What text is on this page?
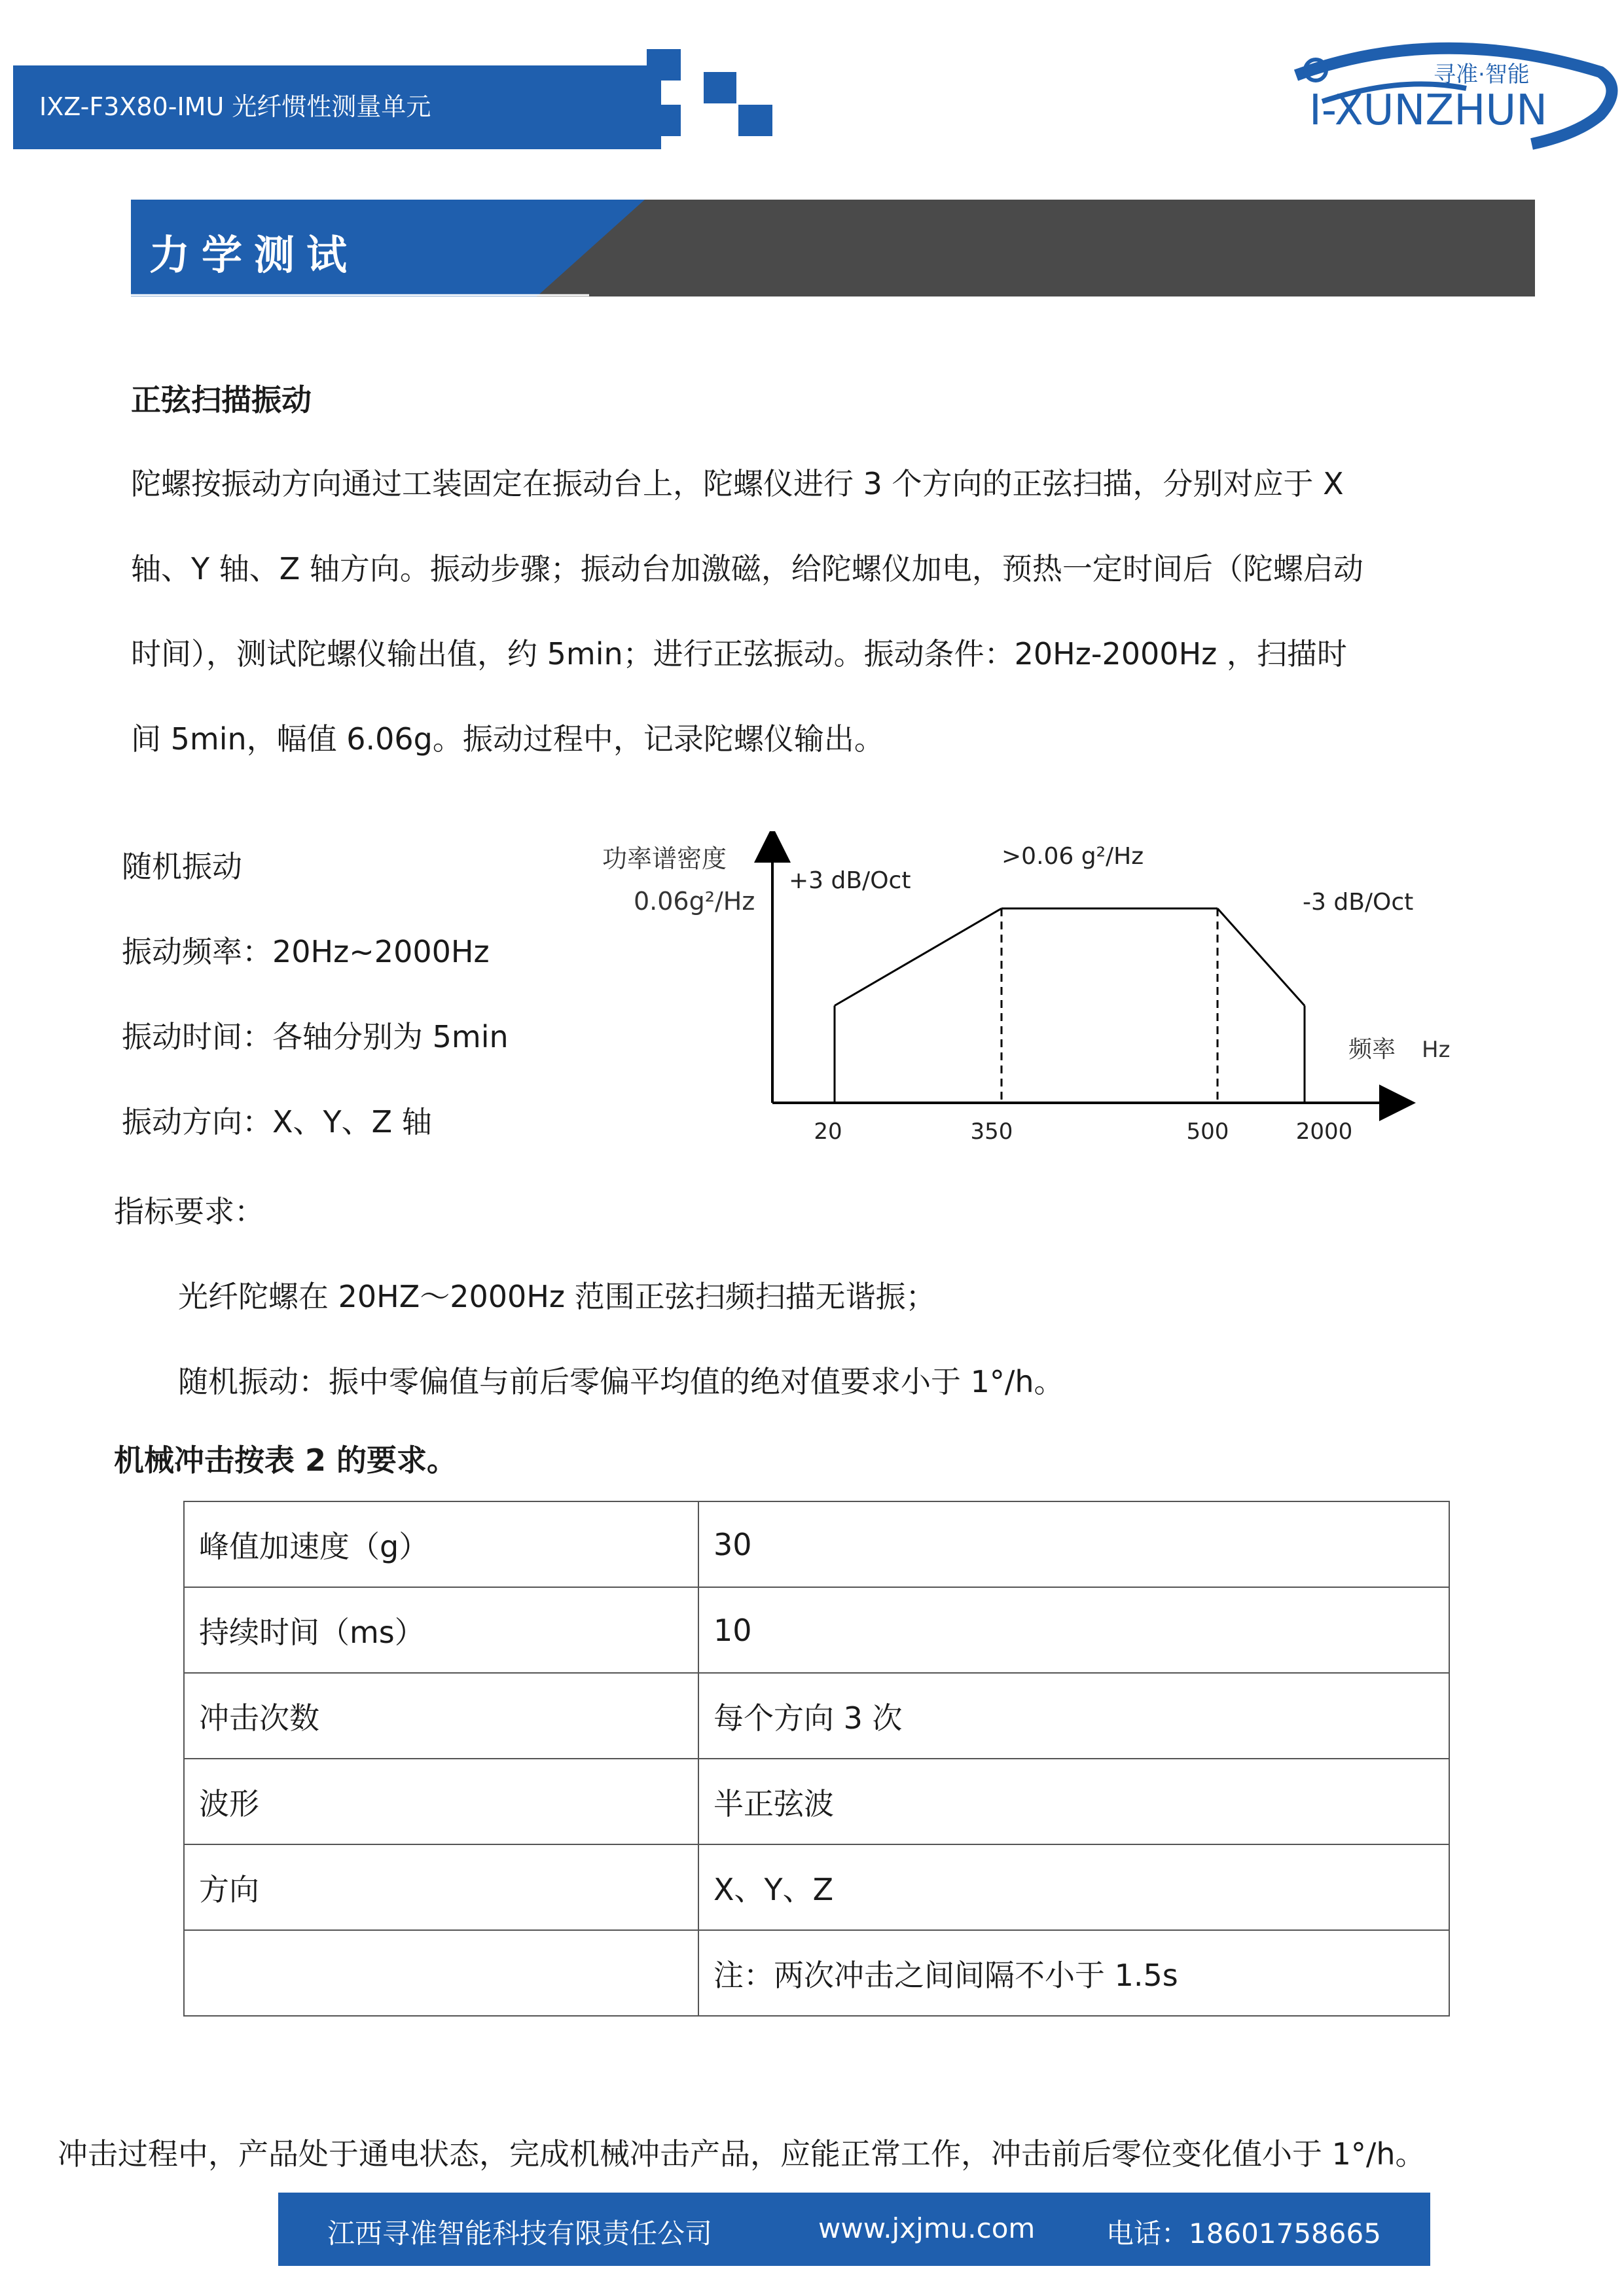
IXZ-F3X80-IMU 光纤惯性测量单元
寻准·智能
I-XUNZHUN
力学测试
正弦扫描振动
陀螺按振动方向通过工装固定在振动台上，陀螺仪进行 3 个方向的正弦扫描，分别对应于 X
轴、Y 轴、Z 轴方向。振动步骤；振动台加激磁，给陀螺仪加电，预热一定时间后（陀螺启动
时间），测试陀螺仪输出值，约 5min；进行正弦振动。振动条件：20Hz-2000Hz ，扫描时
间 5min，幅值 6.06g。振动过程中，记录陀螺仪输出。
随机振动
振动频率：20Hz~2000Hz
振动时间：各轴分别为 5min
振动方向：X、Y、Z 轴	20	350	500	2000
功率谱密度
0.06g²/Hz
+3 dB/Oct
>0.06 g²/Hz
-3 dB/Oct
频率 Hz
指标要求：
光纤陀螺在 20HZ～2000Hz 范围正弦扫频扫描无谐振；
随机振动：振中零偏值与前后零偏平均值的绝对值要求小于 1°/h。
机械冲击按表 2 的要求。
峰值加速度（g）	30
持续时间（ms）	10
冲击次数	每个方向 3 次
波形	半正弦波
方向	X、Y、Z
	注：两次冲击之间间隔不小于 1.5s
冲击过程中，产品处于通电状态，完成机械冲击产品，应能正常工作，冲击前后零位变化值小于 1°/h。
江西寻准智能科技有限责任公司	www.jxjmu.com	电话：18601758665
